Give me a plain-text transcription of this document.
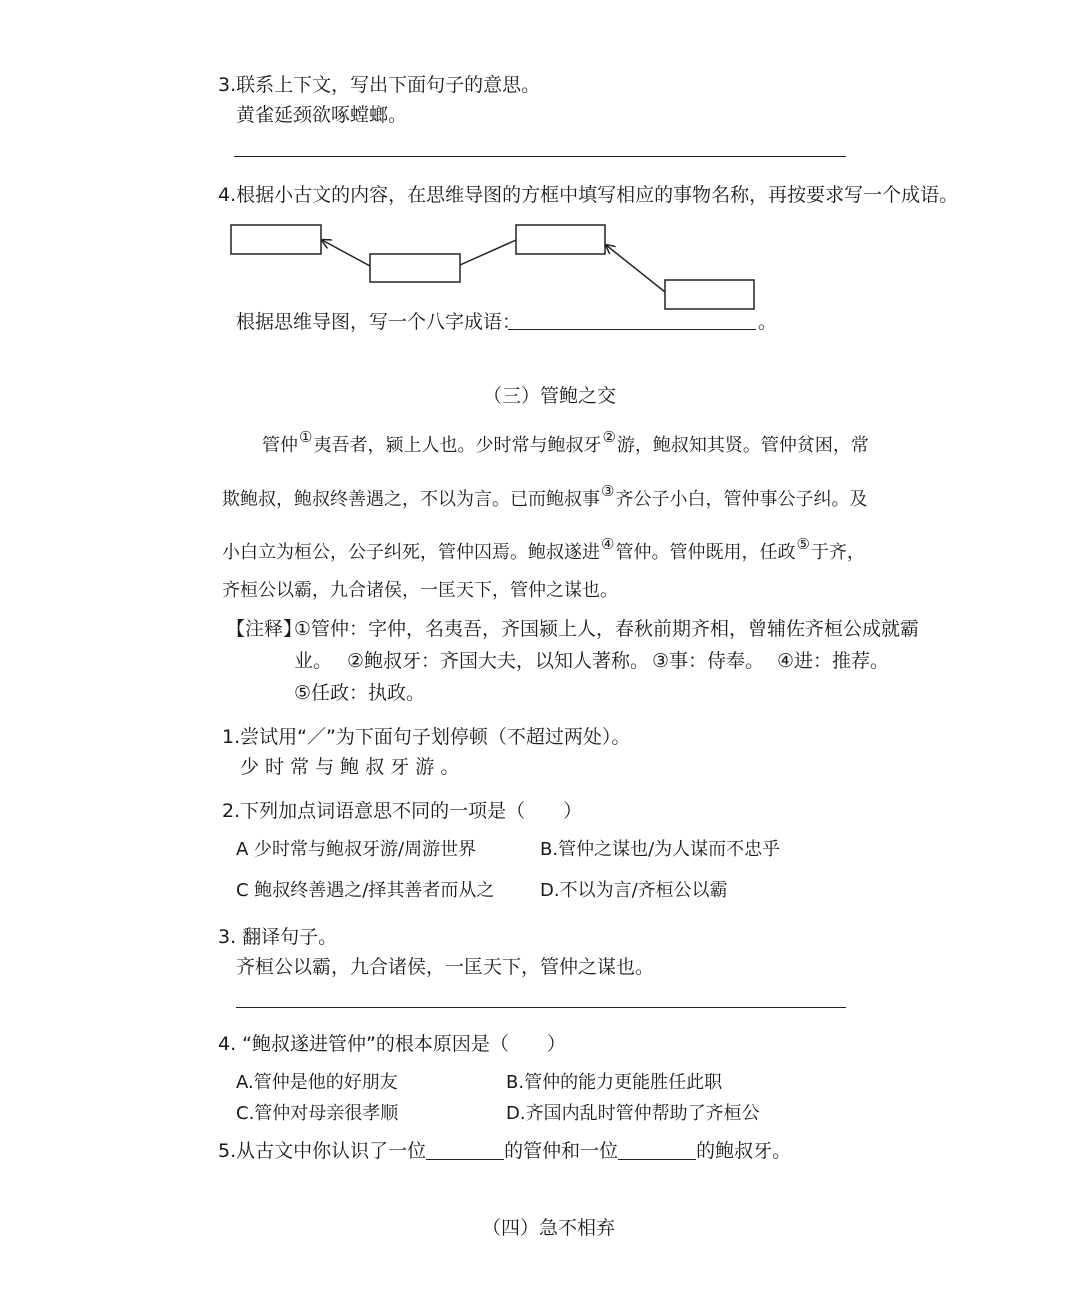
3.联系上下文，写出下面句子的意思。
黄雀延颈欲啄螳螂。
4.根据小古文的内容，在思维导图的方框中填写相应的事物名称，再按要求写一个成语。
根据思维导图，写一个八字成语：	。
（三）管鲍之交
管仲①夷吾者，颍上人也。少时常与鲍叔牙②游，鲍叔知其贤。管仲贫困，常
欺鲍叔，鲍叔终善遇之，不以为言。已而鲍叔事③齐公子小白，管仲事公子纠。及
小白立为桓公，公子纠死，管仲囚焉。鲍叔遂进④管仲。管仲既用，任政⑤于齐，
齐桓公以霸，九合诸侯，一匡天下，管仲之谋也。
【注释】
①管仲：字仲，名夷吾，齐国颍上人，春秋前期齐相，曾辅佐齐桓公成就霸
业。 ②鲍叔牙：齐国大夫，以知人著称。 ③事：侍奉。 ④进：推荐。
⑤任政：执政。
1.尝试用“／”为下面句子划停顿（不超过两处）。
少 时 常 与 鲍 叔 牙 游 。
2.下列加点词语意思不同的一项是（　　）
A 少时常与鲍叔牙游/周游世界	B.管仲之谋也/为人谋而不忠乎
C 鲍叔终善遇之/择其善者而从之	D.不以为言/齐桓公以霸
3. 翻译句子。
齐桓公以霸，九合诸侯，一匡天下，管仲之谋也。
4. “鲍叔遂进管仲”的根本原因是（　　）
A.管仲是他的好朋友	B.管仲的能力更能胜任此职
C.管仲对母亲很孝顺	D.齐国内乱时管仲帮助了齐桓公
5.从古文中你认识了一位	的管仲和一位	的鲍叔牙。
（四）急不相弃
